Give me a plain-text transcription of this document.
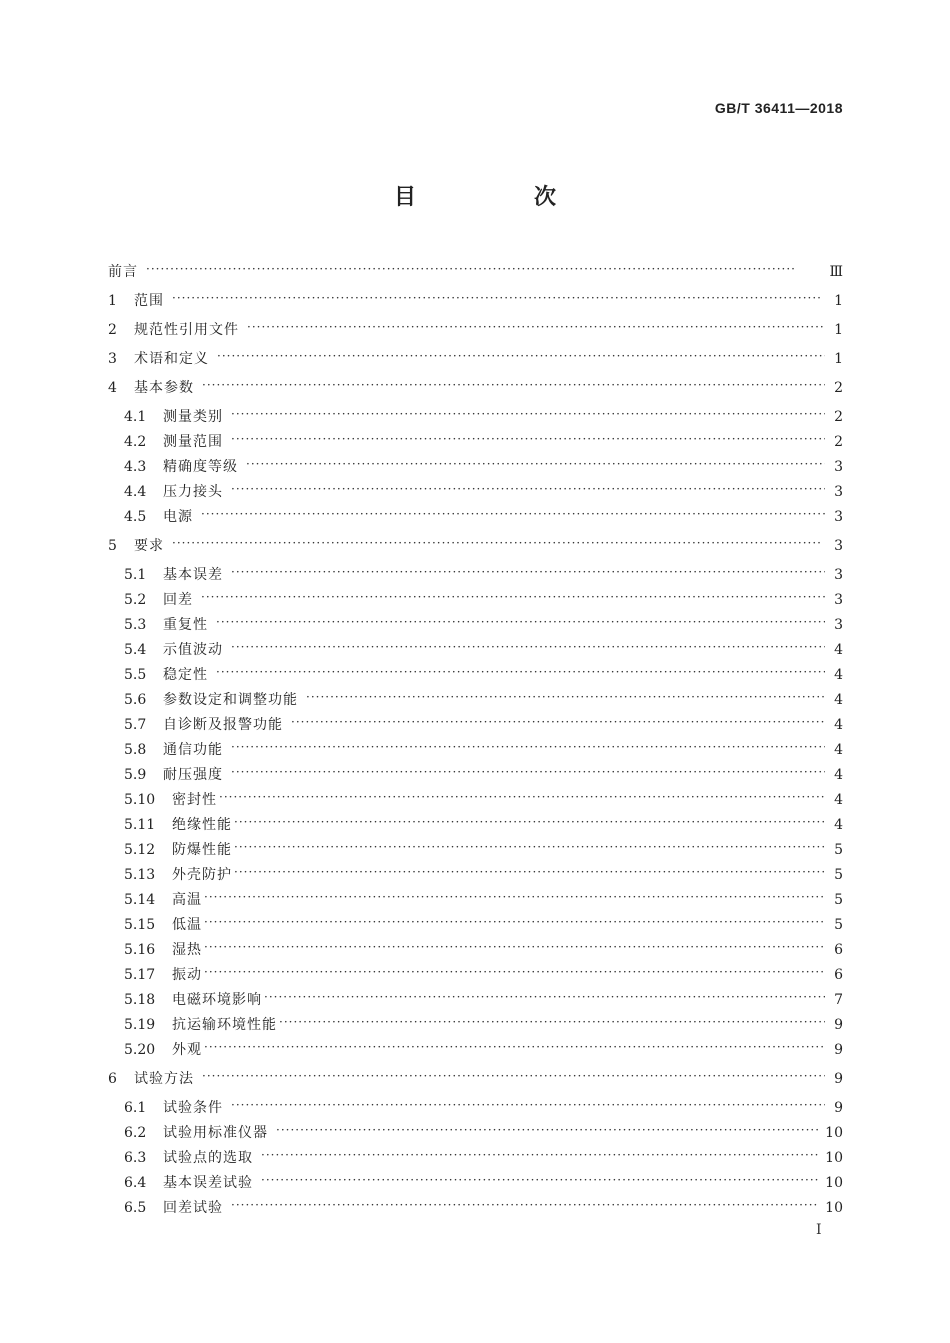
GB/T 36411—2018
目　次
前言 ·····	Ⅲ
1	范围 ·····	1
2	规范性引用文件 ·····	1
3	术语和定义 ·····	1
4	基本参数 ·····	2
4.1	测量类别 ·····	2
4.2	测量范围 ·····	2
4.3	精确度等级 ·····	3
4.4	压力接头 ·····	3
4.5	电源 ·····	3
5	要求 ·····	3
5.1	基本误差 ·····	3
5.2	回差 ·····	3
5.3	重复性 ·····	3
5.4	示值波动 ·····	4
5.5	稳定性 ·····	4
5.6	参数设定和调整功能 ·····	4
5.7	自诊断及报警功能 ·····	4
5.8	通信功能 ·····	4
5.9	耐压强度 ·····	4
5.10	密封性 ·····	4
5.11	绝缘性能 ·····	4
5.12	防爆性能 ·····	5
5.13	外壳防护 ·····	5
5.14	高温 ·····	5
5.15	低温 ·····	5
5.16	湿热 ·····	6
5.17	振动 ·····	6
5.18	电磁环境影响 ·····	7
5.19	抗运输环境性能 ·····	9
5.20	外观 ·····	9
6	试验方法 ·····	9
6.1	试验条件 ·····	9
6.2	试验用标准仪器 ·····	10
6.3	试验点的选取 ·····	10
6.4	基本误差试验 ·····	10
6.5	回差试验 ·····	10
Ⅰ
